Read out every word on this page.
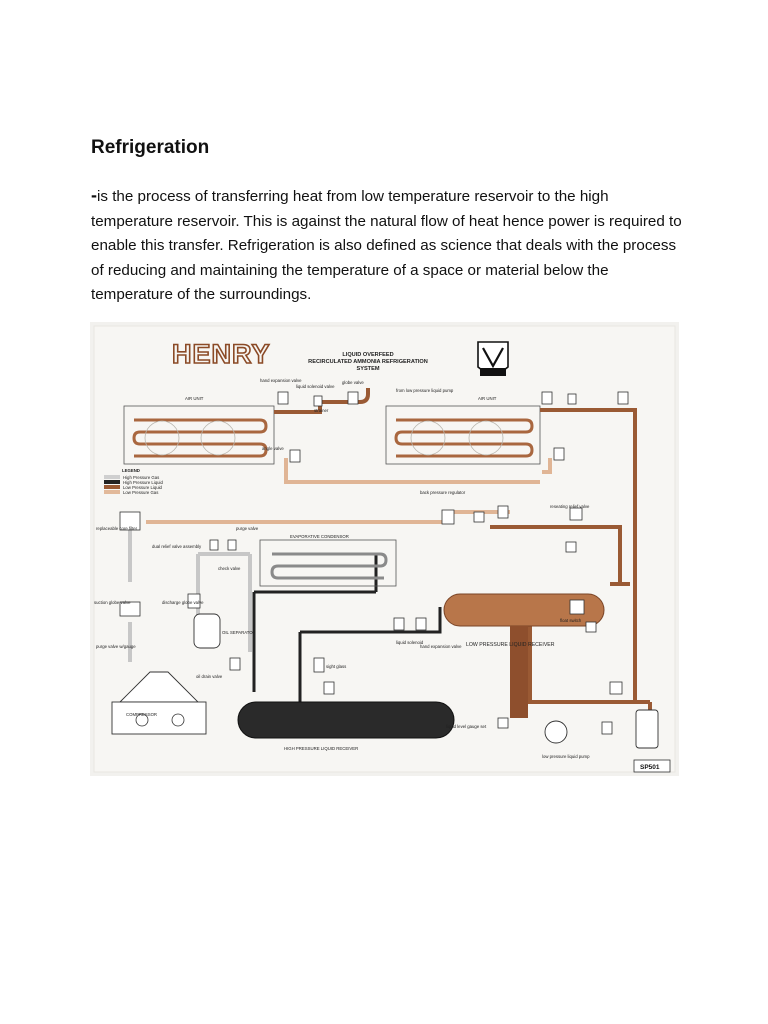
Refrigeration

-is the process of transferring heat from low temperature reservoir to the high temperature reservoir. This is against the natural flow of heat hence power is required to enable this transfer. Refrigeration is also defined as science that deals with the process of reducing and maintaining the temperature of a space or material below the temperature of the surroundings.

HENRY	LIQUID OVERFEED
RECIRCULATED AMMONIA REFRIGERATION
SYSTEM
AIR UNIT	AIR UNIT
LOW PRESSURE LIQUID RECEIVER
EVAPORATIVE CONDENSOR
LEGEND
High Pressure Gas
High Pressure Liquid
Low Pressure Liquid
Low Pressure Gas
COMPRESSOR
OIL SEPARATOR
HIGH PRESSURE LIQUID RECEIVER
hand expansion valve
liquid solenoid valve
globe valve
strainer
from low pressure liquid pump
angle valve
back pressure regulator
replaceable core filter	purge valve
dual relief valve assembly
check valve
suction globe valve	discharge globe valve
purge valve w/gauge
oil drain valve
sight glass
liquid solenoid
hand expansion valve
liquid level gauge set
reseating relief valve
float switch
low pressure liquid pump
SP501
